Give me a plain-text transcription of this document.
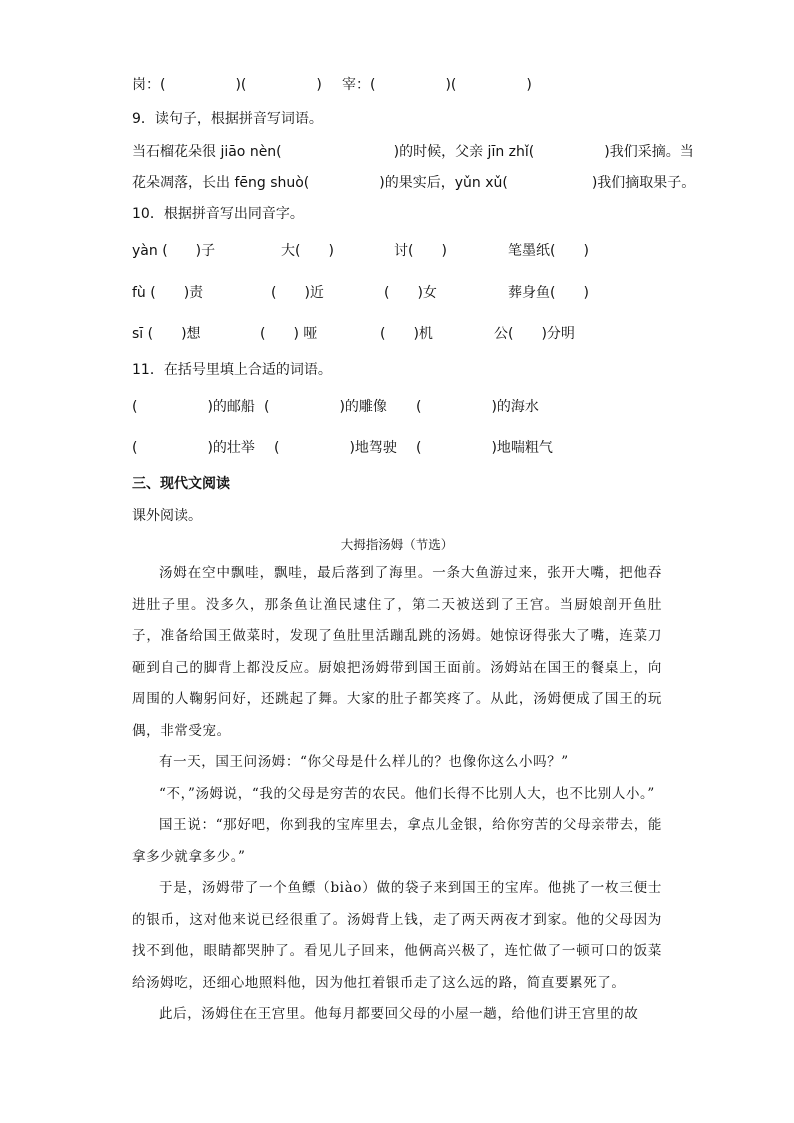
岗：(　　　　　)(　　　　　) 宰：(　　　　　)(　　　　　)
9．读句子，根据拼音写词语。
当石榴花朵很 jiāo nèn(　　　　　　　　)的时候，父亲 jīn zhǐ(　　　　　)我们采摘。当
花朵凋落，长出 fēng shuò(　　　　　)的果实后，yǔn xǔ(　　　　　　)我们摘取果子。
10．根据拼音写出同音字。
yàn (　　)子	大(　　)	讨(　　)	笔墨纸(　　)
fù (　　)责	(　　)近	(　　)女	葬身鱼(　　)
sī (　　)想	(　　) 哑	(　　)机	公(　　)分明
11．在括号里填上合适的词语。
(　　　　　)的邮船 (　　　　　)的雕像 (　　　　　)的海水
(　　　　　)的壮举 (　　　　　)地驾驶 (　　　　　)地喘粗气
三、现代文阅读
课外阅读。
大拇指汤姆（节选）

汤姆在空中飘哇，飘哇，最后落到了海里。一条大鱼游过来，张开大嘴，把他吞进肚子里。没多久，那条鱼让渔民逮住了，第二天被送到了王宫。当厨娘剖开鱼肚子，准备给国王做菜时，发现了鱼肚里活蹦乱跳的汤姆。她惊讶得张大了嘴，连菜刀砸到自己的脚背上都没反应。厨娘把汤姆带到国王面前。汤姆站在国王的餐桌上，向周围的人鞠躬问好，还跳起了舞。大家的肚子都笑疼了。从此，汤姆便成了国王的玩偶，非常受宠。

有一天，国王问汤姆：“你父母是什么样儿的？也像你这么小吗？”

“不，”汤姆说，“我的父母是穷苦的农民。他们长得不比别人大，也不比别人小。”

国王说：“那好吧，你到我的宝库里去，拿点儿金银，给你穷苦的父母亲带去，能拿多少就拿多少。”

于是，汤姆带了一个鱼鳔（biào）做的袋子来到国王的宝库。他挑了一枚三便士的银币，这对他来说已经很重了。汤姆背上钱，走了两天两夜才到家。他的父母因为找不到他，眼睛都哭肿了。看见儿子回来，他俩高兴极了，连忙做了一顿可口的饭菜给汤姆吃，还细心地照料他，因为他扛着银币走了这么远的路，简直要累死了。

此后，汤姆住在王宫里。他每月都要回父母的小屋一趟，给他们讲王宫里的故
